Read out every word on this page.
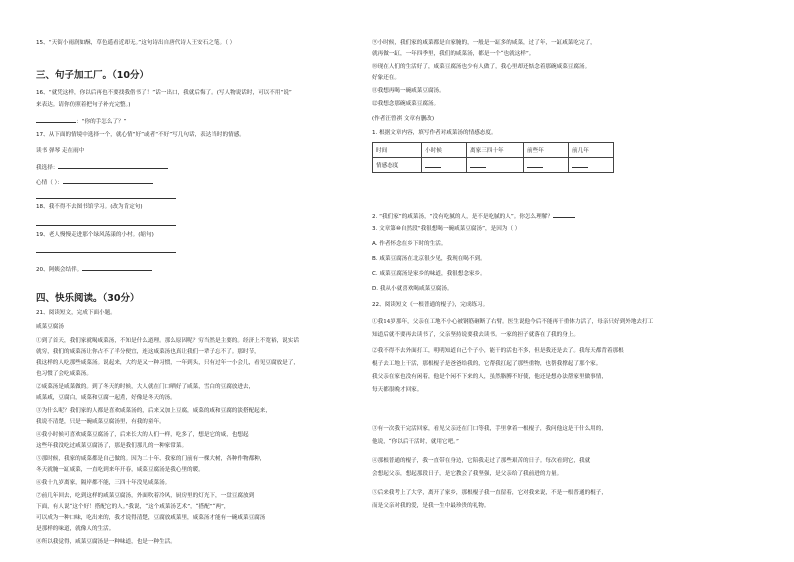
15、“天街小雨润如酥，草色遥看近却无。”这句诗出自唐代诗人王安石之笔。（ ）
三、句子加工厂。（10分）
16、“就凭这样，你以后再也不要找我借书了！”话一出口，我就后悔了。(写人物说话时，可以不用“说”
来表达。请你仿照着把句子补充完整。)
：“你的手怎么了？”
17、从下面的情境中选择一个，就心情“好”或者“不好”写几句话，表达当时的情感。
读书 弹琴 走在雨中
我选择：
心情（ ）：
18、我不得不去图书馆学习。(改为肯定句)
19、老人慢慢走进那个绿风荡漾的小村。(缩句)
20、阿姨会结伴。
四、快乐阅读。（30分）
21、阅读短文，完成下面小题。
咸菜豆腐汤
①到了首天，我们家就喝咸菜汤，不知是什么道理。那么原因呢？穷当然是主要的。经济上不宽裕，说实话
就穷，我们的咸菜汤让你占不了半分便宜，连这咸菜汤也真让我们一辈子忘不了。那时节，
我这样的人吃那些咸菜汤。说起来，大约是又一种习惯，一年到头，只有过年一小会儿，看见豆腐放是了，
也习惯了会吃咸菜汤。
②咸菜汤是咸菜做的。到了冬天的时候，大人就在门口晒好了咸菜，雪白的豆腐放进去，
咸菜咸，豆腐白，咸菜和豆腐一起煮，好像是冬天的汤。
③为什么呢？我们家的人都是喜欢咸菜汤的，后来又加上豆腐，咸菜的咸和豆腐的淡搭配起来，
我说不清楚，只是一碗咸菜豆腐汤里，有我的童年。
④我小时候可喜欢咸菜豆腐汤了，后来长大的人们一样，吃多了，想是它的咸，也想起
这些年我没吃过咸菜豆腐汤了，那是我们那儿的一种家常菜。
⑤那时候，我家的咸菜都是自己做的。因为二十年、我家的门前有一棵大树，各种作物都种，
冬天就腌一缸咸菜，一直吃到来年开春，咸菜豆腐汤是我心里的暖。
⑥我十九岁离家，隔岸都不能，三四十年没见咸菜汤。
⑦前几年回去，吃到这样的咸菜豆腐汤，外面吹着冷风，厨房里的灯光下，一盘豆腐放到
下面，有人说“这个好！搭配它的人。”我说，“这个咸菜汤艺术”，“搭配”“两”，
可以成为一种口味，吃出来的，我才说得清楚，豆腐放咸菜里，咸菜汤才能有一碗咸菜豆腐汤
是那样的味道，就像人的生活。
⑧所以我觉得，咸菜豆腐汤是一种味道，也是一种生活。
⑨小时候，我们家的咸菜都是自家腌的，一般是一缸多的咸菜，过了年，一缸咸菜吃完了，
就再做一缸，一年四季里，我们的咸菜汤，都是一个“也就这样”。
⑩现在人们的生活好了，咸菜豆腐汤也少有人做了，我心里却还惦念着那碗咸菜豆腐汤。
好象还在。
⑪我想再喝一碗咸菜豆腐汤。
⑫我想念那碗咸菜豆腐汤。
(作者汪曾祺 文章有删改)
1. 根据文章内容，填写作者对咸菜汤的情感态度。
时间	小时候	离家三四十年	前些年	前几年
情感态度				
2. “我们家”的咸菜汤，“没有吃腻的人，是不是吃腻的人”。你怎么理解？
3. 文章第⑩自然段“我很想喝一碗咸菜豆腐汤”，是因为（ ）
A. 作者怀念在乡下时的生活。
B. 咸菜豆腐汤在北京很少见，我现在喝不到。
C. 咸菜豆腐汤是家乡的味道，我很想念家乡。
D. 我从小就喜欢喝咸菜豆腐汤。
22、阅读短文《一根普通的棍子》，完成练习。
①我14岁那年，父亲在工地不小心被钢筋砸断了右臂。医生说他今后不能再干重体力活了，母亲只好到外地去打工
知道后就不要再去读书了，父亲坚持说要我去读书。一家的担子就落在了我的身上。
②我不得不去外面打工，明明知道自己个子小，能干的活也不多，但是我还是去了。我每天都背着那根
棍子去工地上干活，那根棍子是爸爸给我的，它帮我扛起了那些重物，也帮我撑起了那个家。
我父亲在家也没有闲着，他是个闲不下来的人，虽然胳膊不好使，他还是想办法帮家里做事情，
每天都很晚才回家。
③有一次我干完活回家，看见父亲还在门口等我，手里拿着一根棍子，我问他这是干什么用的，
他说，“你以后干活时，就用它吧。”
④那根普通的棍子，我一直带在身边，它陪我走过了那些艰苦的日子。每次看到它，我就
会想起父亲，想起那段日子，是它教会了我坚强，是父亲给了我前进的力量。
⑤后来我考上了大学，离开了家乡，那根棍子我一直留着，它对我来说，不是一根普通的棍子，
而是父亲对我的爱，是我一生中最珍贵的礼物。
